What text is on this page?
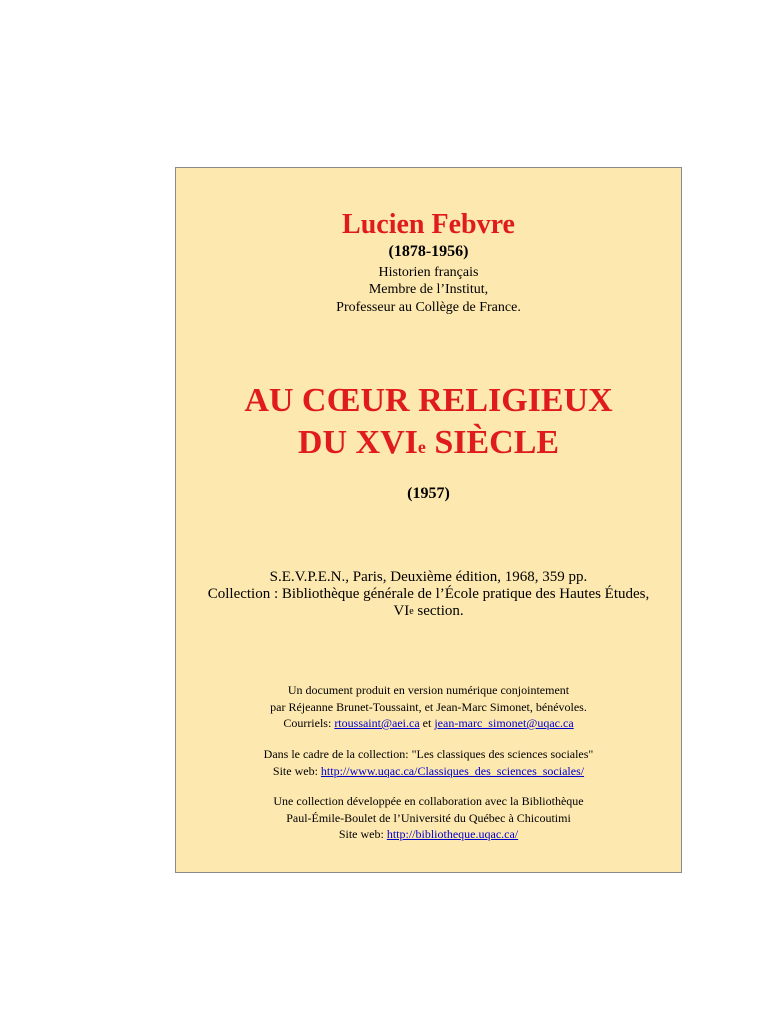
Lucien Febvre

(1878-1956)

Historien français

Membre de l’Institut,

Professeur au Collège de France.

AU CŒUR RELIGIEUX

DU XVIe SIÈCLE

(1957)

S.E.V.P.E.N., Paris, Deuxième édition, 1968, 359 pp.

Collection : Bibliothèque générale de l’École pratique des Hautes Études,

VIe section.

Un document produit en version numérique conjointement

par Réjeanne Brunet-Toussaint, et Jean-Marc Simonet, bénévoles.

Courriels: rtoussaint@aei.ca et jean-marc_simonet@uqac.ca

Dans le cadre de la collection: "Les classiques des sciences sociales"

Site web: http://www.uqac.ca/Classiques_des_sciences_sociales/

Une collection développée en collaboration avec la Bibliothèque

Paul-Émile-Boulet de l’Université du Québec à Chicoutimi

Site web: http://bibliotheque.uqac.ca/
